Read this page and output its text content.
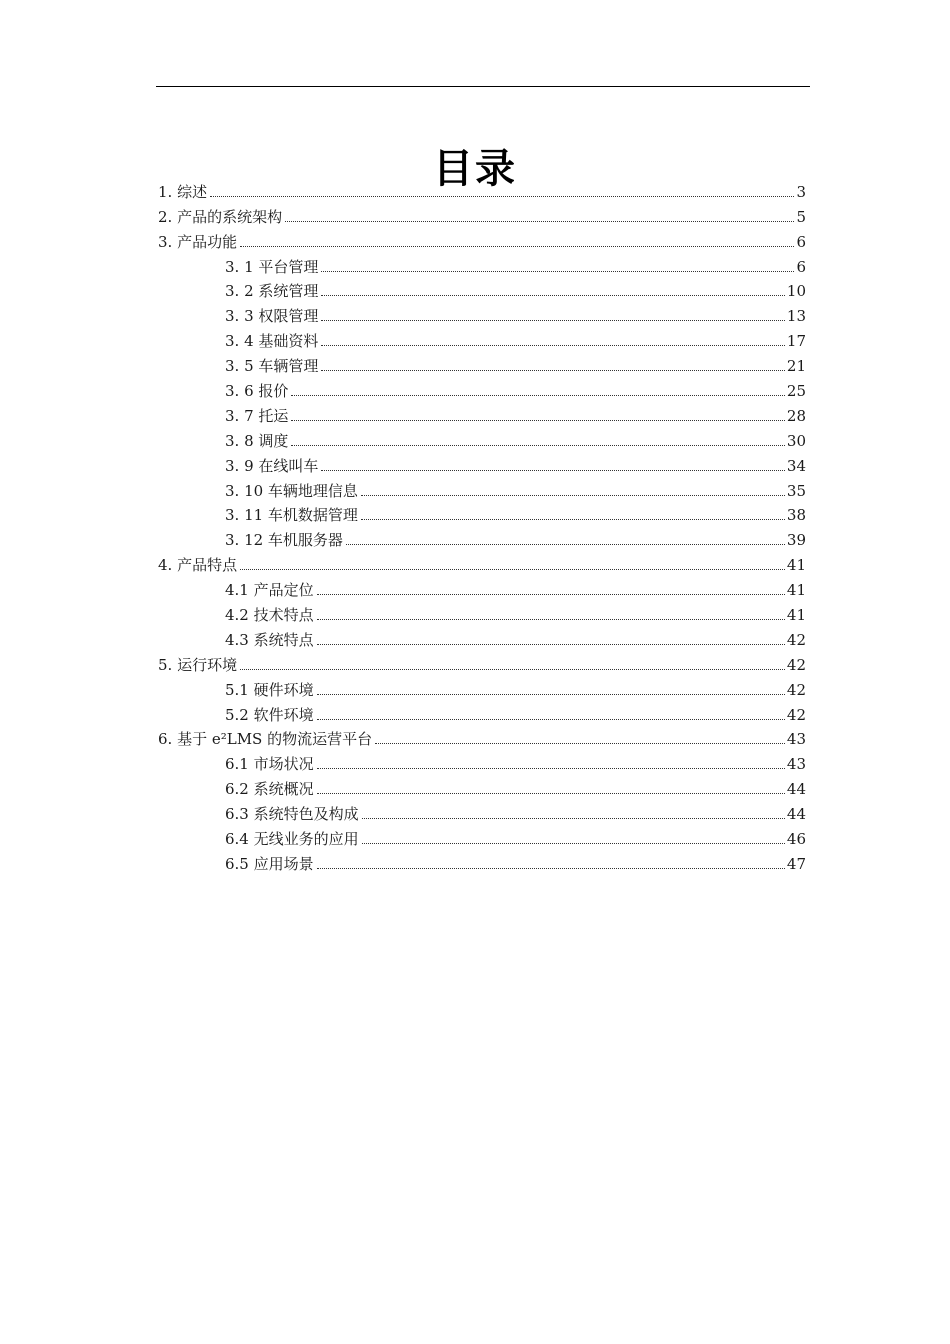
目录
1. 综述	3
2. 产品的系统架构	5
3. 产品功能	6
3. 1 平台管理	6
3. 2 系统管理	10
3. 3 权限管理	13
3. 4 基础资料	17
3. 5 车辆管理	21
3. 6 报价	25
3. 7 托运	28
3. 8 调度	30
3. 9 在线叫车	34
3. 10 车辆地理信息	35
3. 11 车机数据管理	38
3. 12 车机服务器	39
4. 产品特点	41
4.1 产品定位	41
4.2 技术特点	41
4.3 系统特点	42
5. 运行环境	42
5.1 硬件环境	42
5.2 软件环境	42
6. 基于 e²LMS 的物流运营平台	43
6.1 市场状况	43
6.2 系统概况	44
6.3 系统特色及构成	44
6.4 无线业务的应用	46
6.5 应用场景	47
